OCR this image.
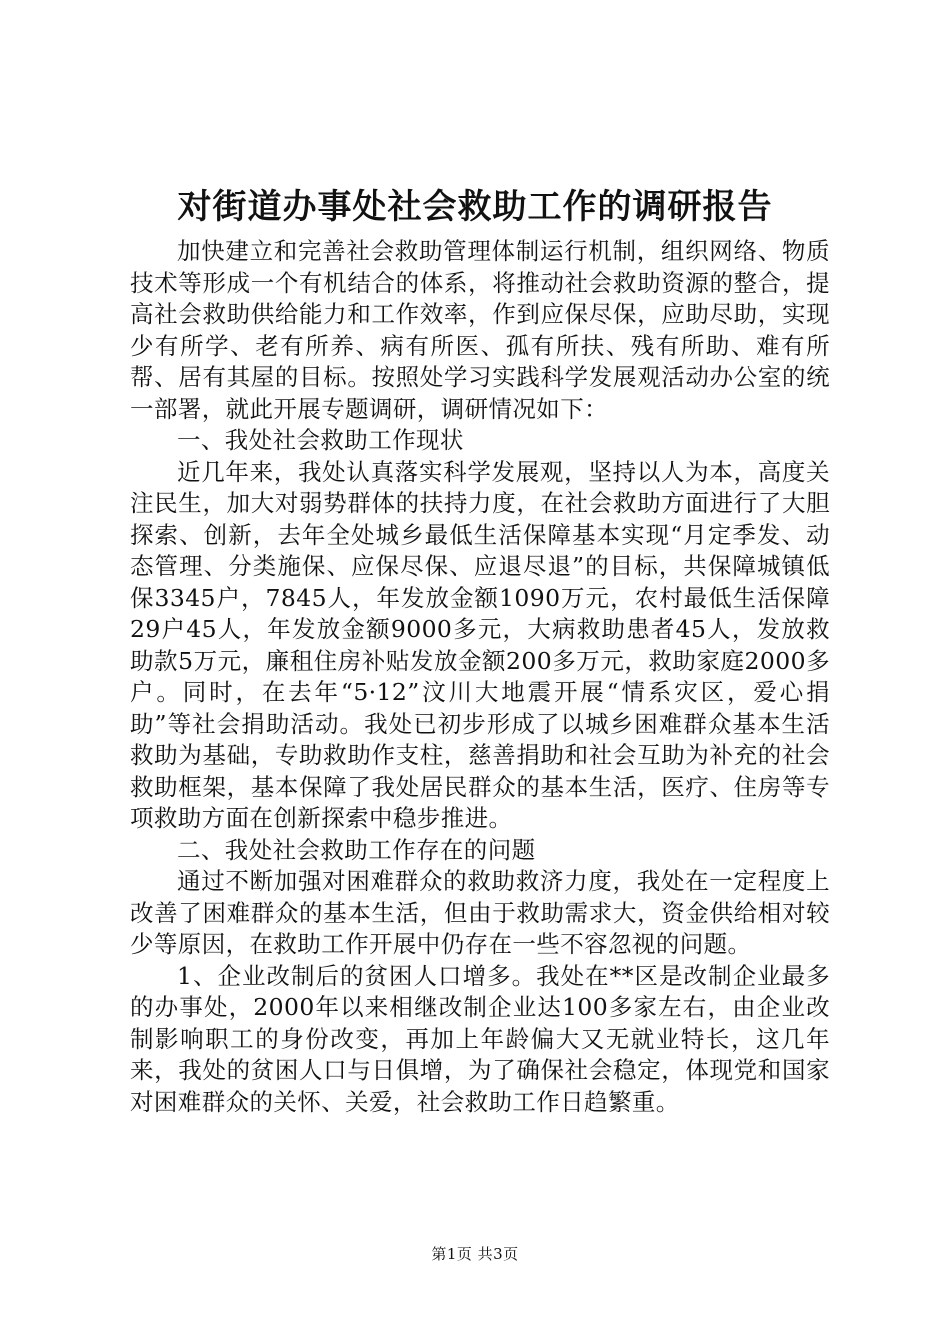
对街道办事处社会救助工作的调研报告

加快建立和完善社会救助管理体制运行机制，组织网络、物质技术等形成一个有机结合的体系，将推动社会救助资源的整合，提高社会救助供给能力和工作效率，作到应保尽保，应助尽助，实现少有所学、老有所养、病有所医、孤有所扶、残有所助、难有所帮、居有其屋的目标。按照处学习实践科学发展观活动办公室的统一部署，就此开展专题调研，调研情况如下：

一、我处社会救助工作现状

近几年来，我处认真落实科学发展观，坚持以人为本，高度关注民生，加大对弱势群体的扶持力度，在社会救助方面进行了大胆探索、创新，去年全处城乡最低生活保障基本实现“月定季发、动态管理、分类施保、应保尽保、应退尽退”的目标，共保障城镇低保3345户，7845人，年发放金额1090万元，农村最低生活保障29户45人，年发放金额9000多元，大病救助患者45人，发放救助款5万元，廉租住房补贴发放金额200多万元，救助家庭2000多户。同时，在去年“5·12”汶川大地震开展“情系灾区，爱心捐助”等社会捐助活动。我处已初步形成了以城乡困难群众基本生活救助为基础，专助救助作支柱，慈善捐助和社会互助为补充的社会救助框架，基本保障了我处居民群众的基本生活，医疗、住房等专项救助方面在创新探索中稳步推进。

二、我处社会救助工作存在的问题

通过不断加强对困难群众的救助救济力度，我处在一定程度上改善了困难群众的基本生活，但由于救助需求大，资金供给相对较少等原因，在救助工作开展中仍存在一些不容忽视的问题。

1、企业改制后的贫困人口增多。我处在**区是改制企业最多的办事处，2000年以来相继改制企业达100多家左右，由企业改制影响职工的身份改变，再加上年龄偏大又无就业特长，这几年来，我处的贫困人口与日俱增，为了确保社会稳定，体现党和国家对困难群众的关怀、关爱，社会救助工作日趋繁重。

第1页 共3页
